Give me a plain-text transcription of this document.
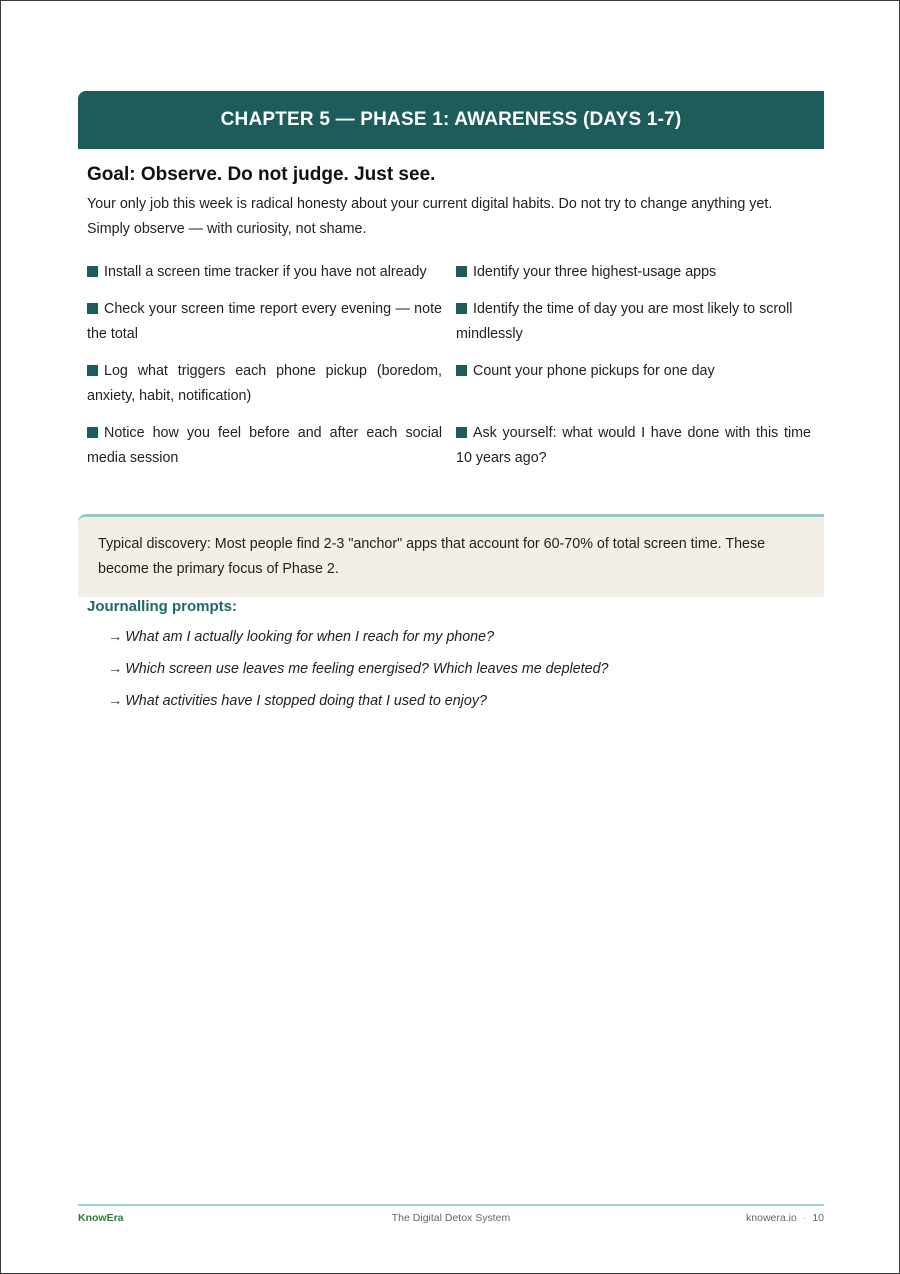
CHAPTER 5 — PHASE 1: AWARENESS (DAYS 1-7)
Goal: Observe. Do not judge. Just see.
Your only job this week is radical honesty about your current digital habits. Do not try to change anything yet. Simply observe — with curiosity, not shame.
Install a screen time tracker if you have not already	Identify your three highest-usage apps
Check your screen time report every evening — note the total
Identify the time of day you are most likely to scroll mindlessly
Log what triggers each phone pickup (boredom, anxiety, habit, notification)
Count your phone pickups for one day
Notice how you feel before and after each social media session
Ask yourself: what would I have done with this time 10 years ago?
Typical discovery: Most people find 2-3 "anchor" apps that account for 60-70% of total screen time. These become the primary focus of Phase 2.
Journalling prompts:
→ What am I actually looking for when I reach for my phone?
→ Which screen use leaves me feeling energised? Which leaves me depleted?
→ What activities have I stopped doing that I used to enjoy?
KnowEra	The Digital Detox System	knowera.io · 10
